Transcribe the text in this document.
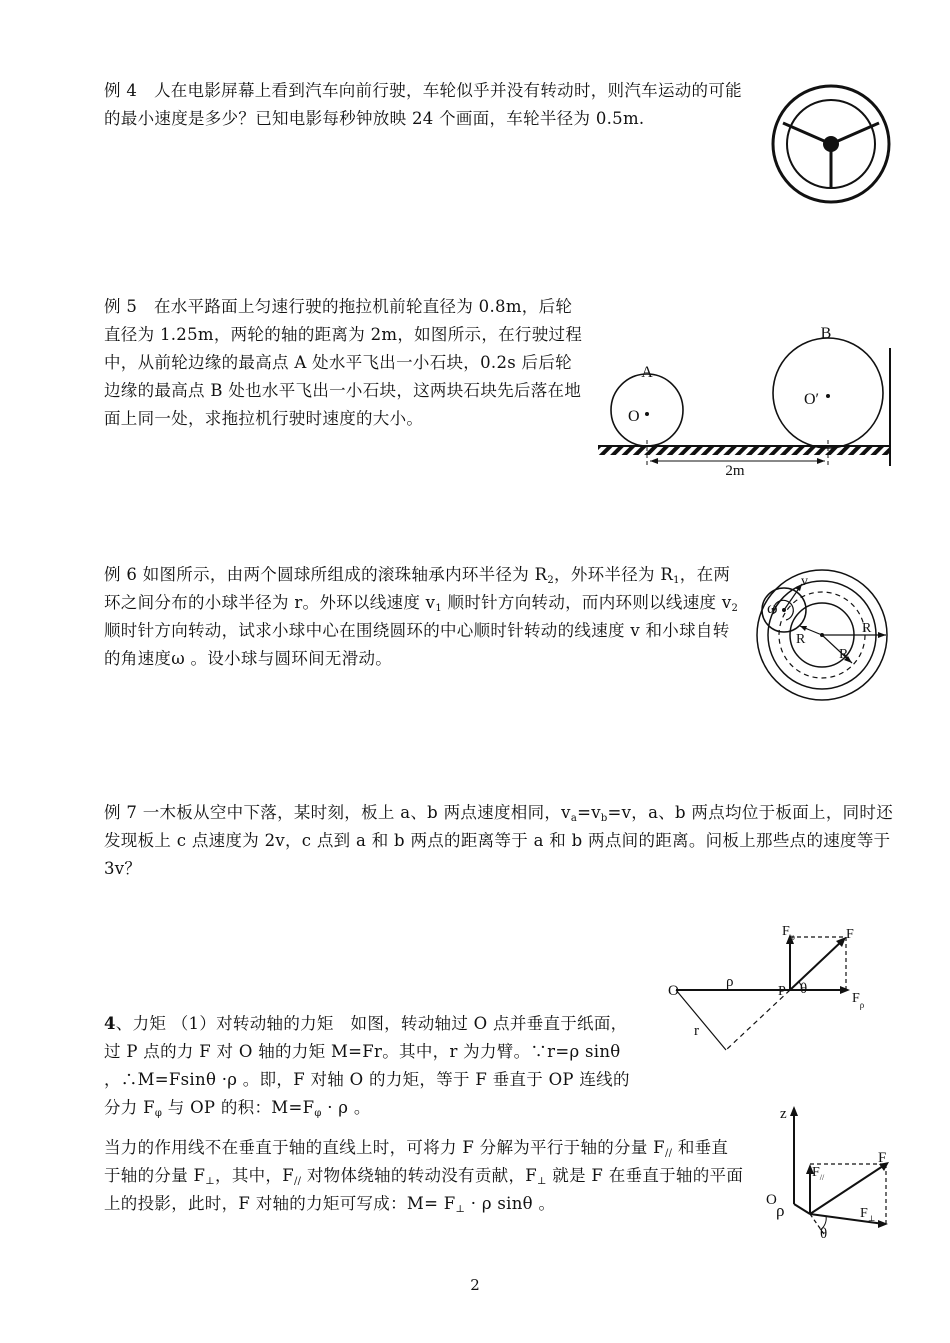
例 4　人在电影屏幕上看到汽车向前行驶，车轮似乎并没有转动时，则汽车运动的可能的最小速度是多少？已知电影每秒钟放映 24 个画面，车轮半径为 0.5m.

例 5　在水平路面上匀速行驶的拖拉机前轮直径为 0.8m，后轮直径为 1.25m，两轮的轴的距离为 2m，如图所示，在行驶过程中，从前轮边缘的最高点 A 处水平飞出一小石块，0.2s 后后轮边缘的最高点 B 处也水平飞出一小石块，这两块石块先后落在地面上同一处，求拖拉机行驶时速度的大小。

A
B
O
O′
2m

例 6 如图所示，由两个圆球所组成的滚珠轴承内环半径为 $R_2$，外环半径为 $R_1$，在两环之间分布的小球半径为 r。外环以线速度 $v_1$ 顺时针方向转动，而内环则以线速度 $v_2$ 顺时针方向转动，试求小球中心在围绕圆环的中心顺时针转动的线速度 v 和小球自转的角速度ω 。设小球与圆环间无滑动。

v
ω
R
R
R

例 7 一木板从空中下落，某时刻，板上 a、b 两点速度相同，$v_a=v_b=v$，a、b 两点均位于板面上，同时还发现板上 c 点速度为 2v，c 点到 a 和 b 两点的距离等于 a 和 b 两点间的距离。问板上那些点的速度等于 3v？

4、力矩 （1）对转动轴的力矩　如图，转动轴过 O 点并垂直于纸面，过 P 点的力 F 对 O 轴的力矩 M=Fr。其中，r 为力臂。∵r=ρ sinθ ，∴M=Fsinθ ·ρ 。即，F 对轴 O 的力矩，等于 F 垂直于 OP 连线的分力 $F_\varphi$ 与 OP 的积：$M=F_\varphi \cdot \rho$ 。

当力的作用线不在垂直于轴的直线上时，可将力 F 分解为平行于轴的分量 $F_{//}$ 和垂直于轴的分量 $F_\perp$，其中，$F_{//}$ 对物体绕轴的转动没有贡献，$F_\perp$ 就是 F 在垂直于轴的平面上的投影，此时，F 对轴的力矩可写成：$M= F_\perp \cdot \rho$ sinθ 。

O
ρ
P θ
$F_\varphi$	F
$F_\rho$
r
z
O
ρ
F
$F_{//}$
$F_\perp$
θ
2
